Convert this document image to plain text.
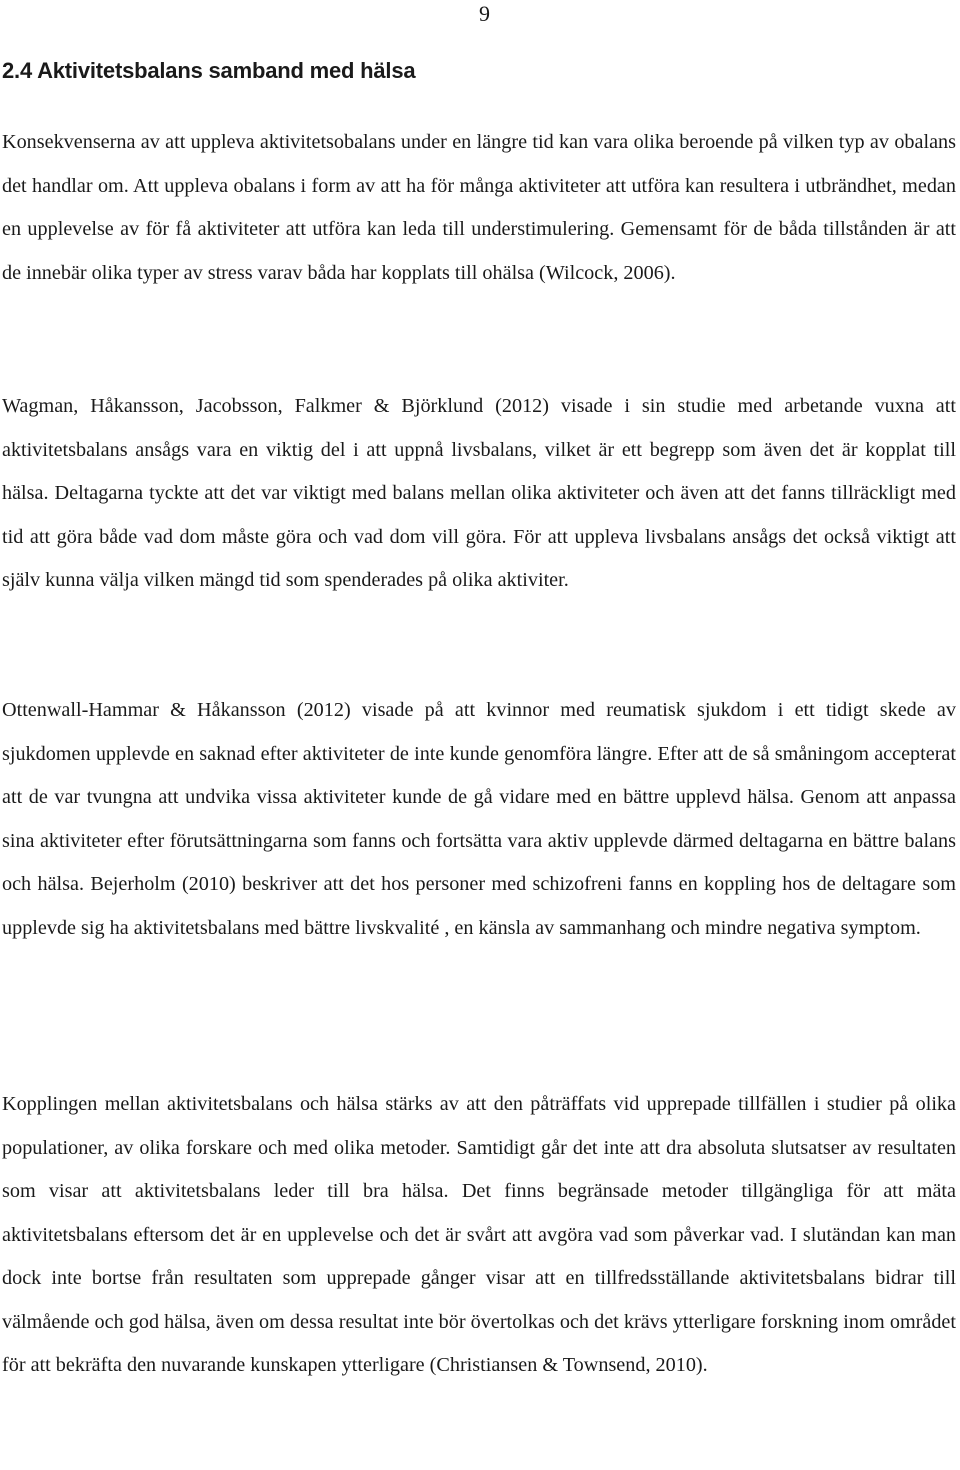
9
2.4 Aktivitetsbalans samband med hälsa

Konsekvenserna av att uppleva aktivitetsobalans under en längre tid kan vara olika beroende på vilken typ av obalans det handlar om. Att uppleva obalans i form av att ha för många aktiviteter att utföra kan resultera i utbrändhet, medan en upplevelse av för få aktiviteter att utföra kan leda till understimulering. Gemensamt för de båda tillstånden är att de innebär olika typer av stress varav båda har kopplats till ohälsa (Wilcock, 2006).

Wagman, Håkansson, Jacobsson, Falkmer & Björklund (2012) visade i sin studie med arbetande vuxna att aktivitetsbalans ansågs vara en viktig del i att uppnå livsbalans, vilket är ett begrepp som även det är kopplat till hälsa. Deltagarna tyckte att det var viktigt med balans mellan olika aktiviteter och även att det fanns tillräckligt med tid att göra både vad dom måste göra och vad dom vill göra. För att uppleva livsbalans ansågs det också viktigt att själv kunna välja vilken mängd tid som spenderades på olika aktiviter.

Ottenwall-Hammar & Håkansson (2012) visade på att kvinnor med reumatisk sjukdom i ett tidigt skede av sjukdomen upplevde en saknad efter aktiviteter de inte kunde genomföra längre. Efter att de så småningom accepterat att de var tvungna att undvika vissa aktiviteter kunde de gå vidare med en bättre upplevd hälsa. Genom att anpassa sina aktiviteter efter förutsättningarna som fanns och fortsätta vara aktiv upplevde därmed deltagarna en bättre balans och hälsa. Bejerholm (2010) beskriver att det hos personer med schizofreni fanns en koppling hos de deltagare som upplevde sig ha aktivitetsbalans med bättre livskvalité , en känsla av sammanhang och mindre negativa symptom.

Kopplingen mellan aktivitetsbalans och hälsa stärks av att den påträffats vid upprepade tillfällen i studier på olika populationer, av olika forskare och med olika metoder. Samtidigt går det inte att dra absoluta slutsatser av resultaten som visar att aktivitetsbalans leder till bra hälsa. Det finns begränsade metoder tillgängliga för att mäta aktivitetsbalans eftersom det är en upplevelse och det är svårt att avgöra vad som påverkar vad. I slutändan kan man dock inte bortse från resultaten som upprepade gånger visar att en tillfredsställande aktivitetsbalans bidrar till välmående och god hälsa, även om dessa resultat inte bör övertolkas och det krävs ytterligare forskning inom området för att bekräfta den nuvarande kunskapen ytterligare (Christiansen & Townsend, 2010).
